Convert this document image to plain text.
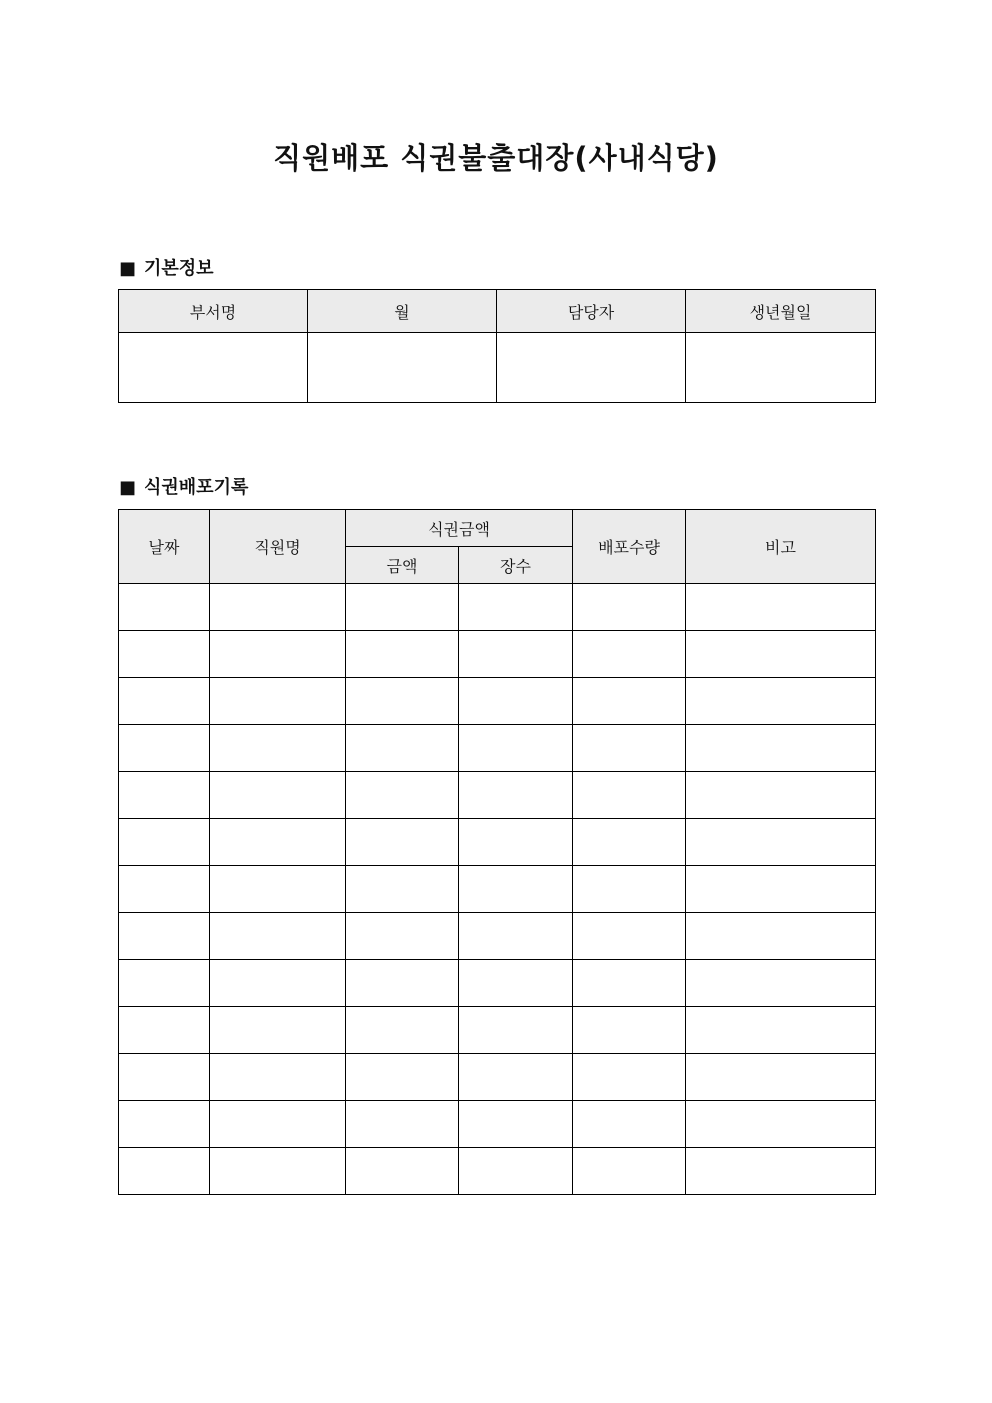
직원배포 식권불출대장(사내식당)
■ 기본정보
부서명	월	담당자	생년월일

■ 식권배포기록
날짜	직원명	식권금액		배포수량	비고
		금액	장수		
